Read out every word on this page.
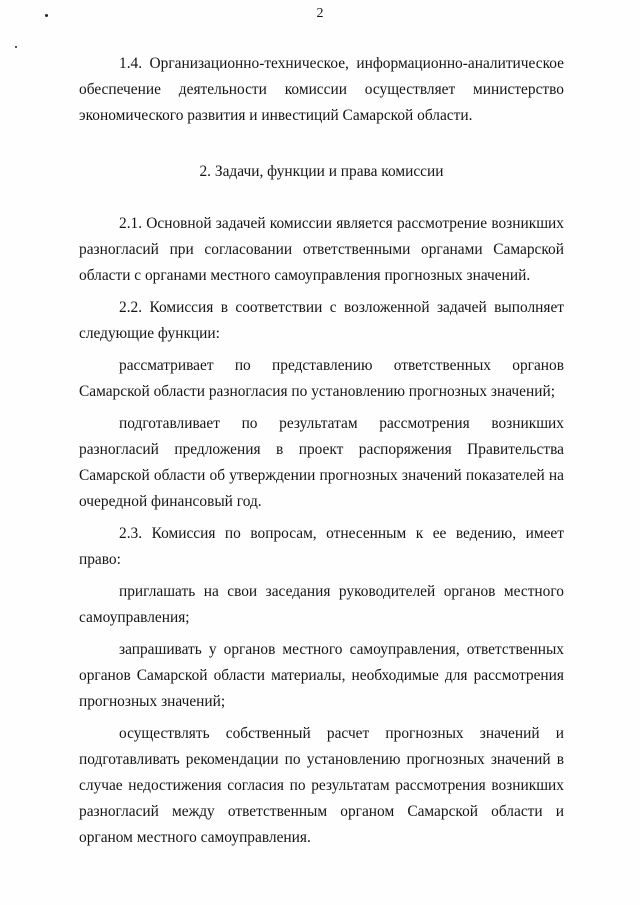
2

1.4. Организационно-техническое, информационно-аналитическое обеспечение деятельности комиссии осуществляет министерство экономического развития и инвестиций Самарской области.

2. Задачи, функции и права комиссии

2.1. Основной задачей комиссии является рассмотрение возникших разногласий при согласовании ответственными органами Самарской области с органами местного самоуправления прогнозных значений.

2.2. Комиссия в соответствии с возложенной задачей выполняет следующие функции:

рассматривает по представлению ответственных органов Самарской области разногласия по установлению прогнозных значений;

подготавливает по результатам рассмотрения возникших разногласий предложения в проект распоряжения Правительства Самарской области об утверждении прогнозных значений показателей на очередной финансовый год.

2.3. Комиссия по вопросам, отнесенным к ее ведению, имеет право:

приглашать на свои заседания руководителей органов местного самоуправления;

запрашивать у органов местного самоуправления, ответственных органов Самарской области материалы, необходимые для рассмотрения прогнозных значений;

осуществлять собственный расчет прогнозных значений и подготавливать рекомендации по установлению прогнозных значений в случае недостижения согласия по результатам рассмотрения возникших разногласий между ответственным органом Самарской области и органом местного самоуправления.
